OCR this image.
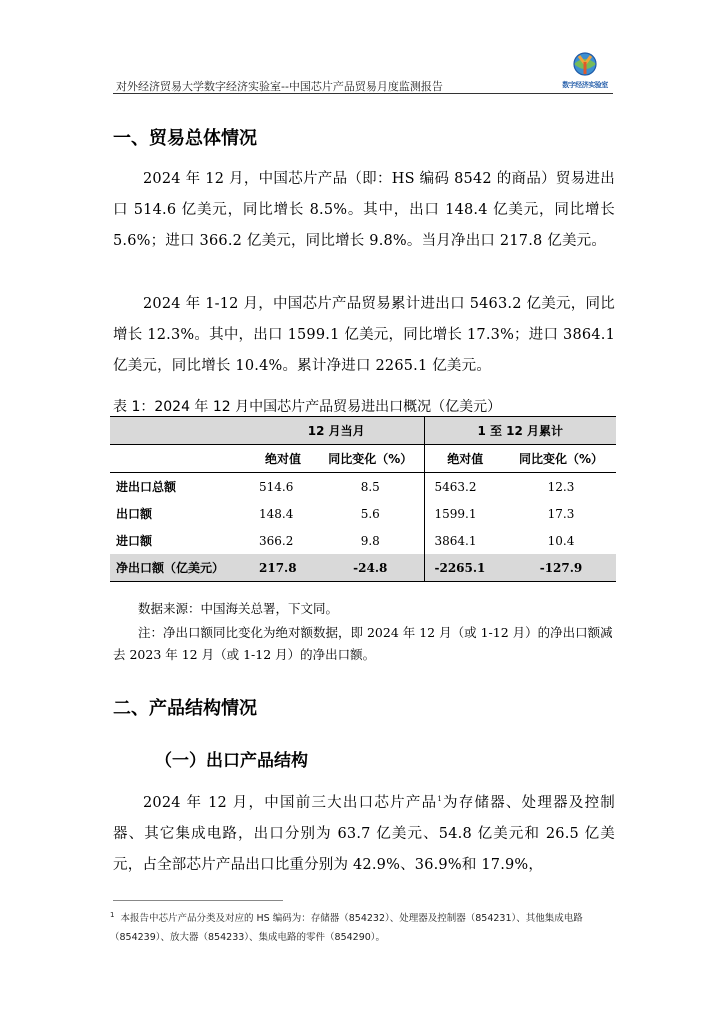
对外经济贸易大学数字经济实验室--中国芯片产品贸易月度监测报告	数字经济实验室
一、贸易总体情况
2024 年 12 月，中国芯片产品（即：HS 编码 8542 的商品）贸易进出口 514.6 亿美元，同比增长 8.5%。其中，出口 148.4 亿美元，同比增长 5.6%；进口 366.2 亿美元，同比增长 9.8%。当月净出口 217.8 亿美元。
2024 年 1-12 月，中国芯片产品贸易累计进出口 5463.2 亿美元，同比增长 12.3%。其中，出口 1599.1 亿美元，同比增长 17.3%；进口 3864.1 亿美元，同比增长 10.4%。累计净进口 2265.1 亿美元。
表 1：2024 年 12 月中国芯片产品贸易进出口概况（亿美元）
	12 月当月		1 至 12 月累计	
	绝对值	同比变化（%）	绝对值	同比变化（%）
进出口总额	514.6	8.5	5463.2	12.3
出口额	148.4	5.6	1599.1	17.3
进口额	366.2	9.8	3864.1	10.4
净出口额（亿美元）	217.8	-24.8	-2265.1	-127.9
数据来源：中国海关总署，下文同。
注：净出口额同比变化为绝对额数据，即 2024 年 12 月（或 1-12 月）的净出口额减去 2023 年 12 月（或 1-12 月）的净出口额。
二、产品结构情况
（一）出口产品结构
2024 年 12 月，中国前三大出口芯片产品$^1$为存储器、处理器及控制器、其它集成电路，出口分别为 63.7 亿美元、54.8 亿美元和 26.5 亿美元，占全部芯片产品出口比重分别为 42.9%、36.9%和 17.9%，
$^1$ 本报告中芯片产品分类及对应的 HS 编码为：存储器（854232）、处理器及控制器（854231）、其他集成电路（854239）、放大器（854233）、集成电路的零件（854290）。
